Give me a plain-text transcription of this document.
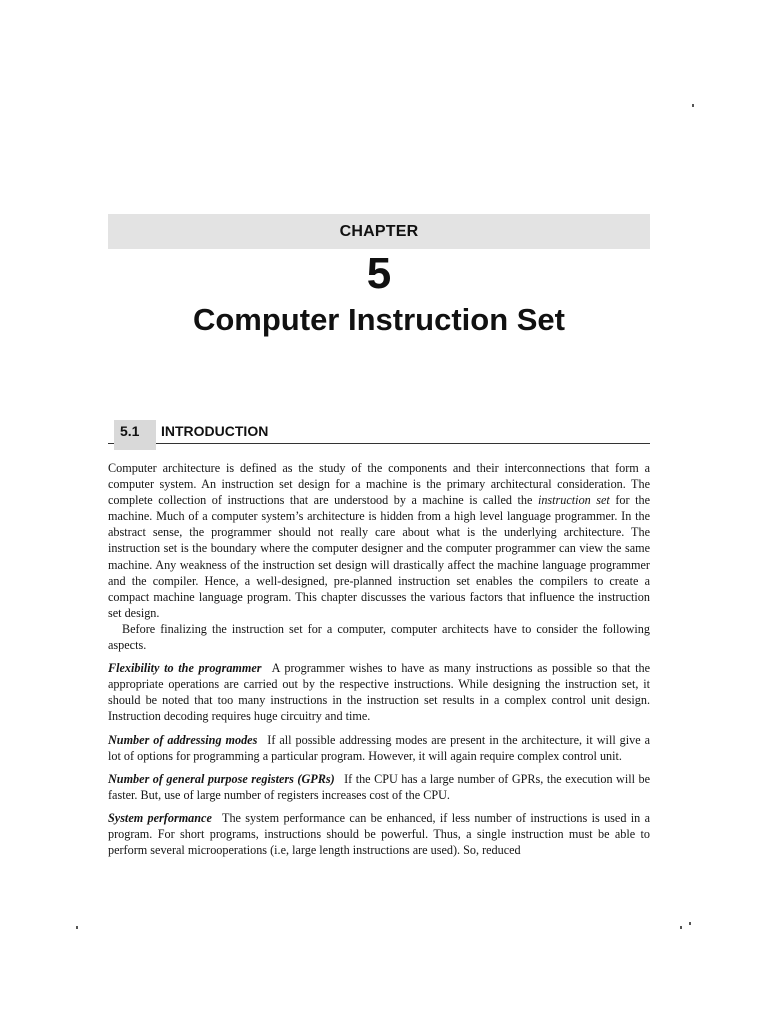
CHAPTER
5
Computer Instruction Set
5.1 INTRODUCTION

Computer architecture is defined as the study of the components and their interconnections that form a computer system. An instruction set design for a machine is the primary architectural consideration. The complete collection of instructions that are understood by a machine is called the instruction set for the machine. Much of a computer system’s architecture is hidden from a high level language programmer. In the abstract sense, the programmer should not really care about what is the underlying architecture. The instruction set is the boundary where the computer designer and the computer programmer can view the same machine. Any weakness of the instruction set design will drastically affect the machine language programmer and the compiler. Hence, a well-designed, pre-planned instruction set enables the compilers to create a compact machine language program. This chapter discusses the various factors that influence the instruction set design.

Before finalizing the instruction set for a computer, computer architects have to consider the following aspects.

Flexibility to the programmer A programmer wishes to have as many instructions as possible so that the appropriate operations are carried out by the respective instructions. While designing the instruction set, it should be noted that too many instructions in the instruction set results in a complex control unit design. Instruction decoding requires huge circuitry and time.

Number of addressing modes If all possible addressing modes are present in the architecture, it will give a lot of options for programming a particular program. However, it will again require complex control unit.

Number of general purpose registers (GPRs) If the CPU has a large number of GPRs, the execution will be faster. But, use of large number of registers increases cost of the CPU.

System performance The system performance can be enhanced, if less number of instructions is used in a program. For short programs, instructions should be powerful. Thus, a single instruction must be able to perform several microoperations (i.e, large length instructions are used). So, reduced
